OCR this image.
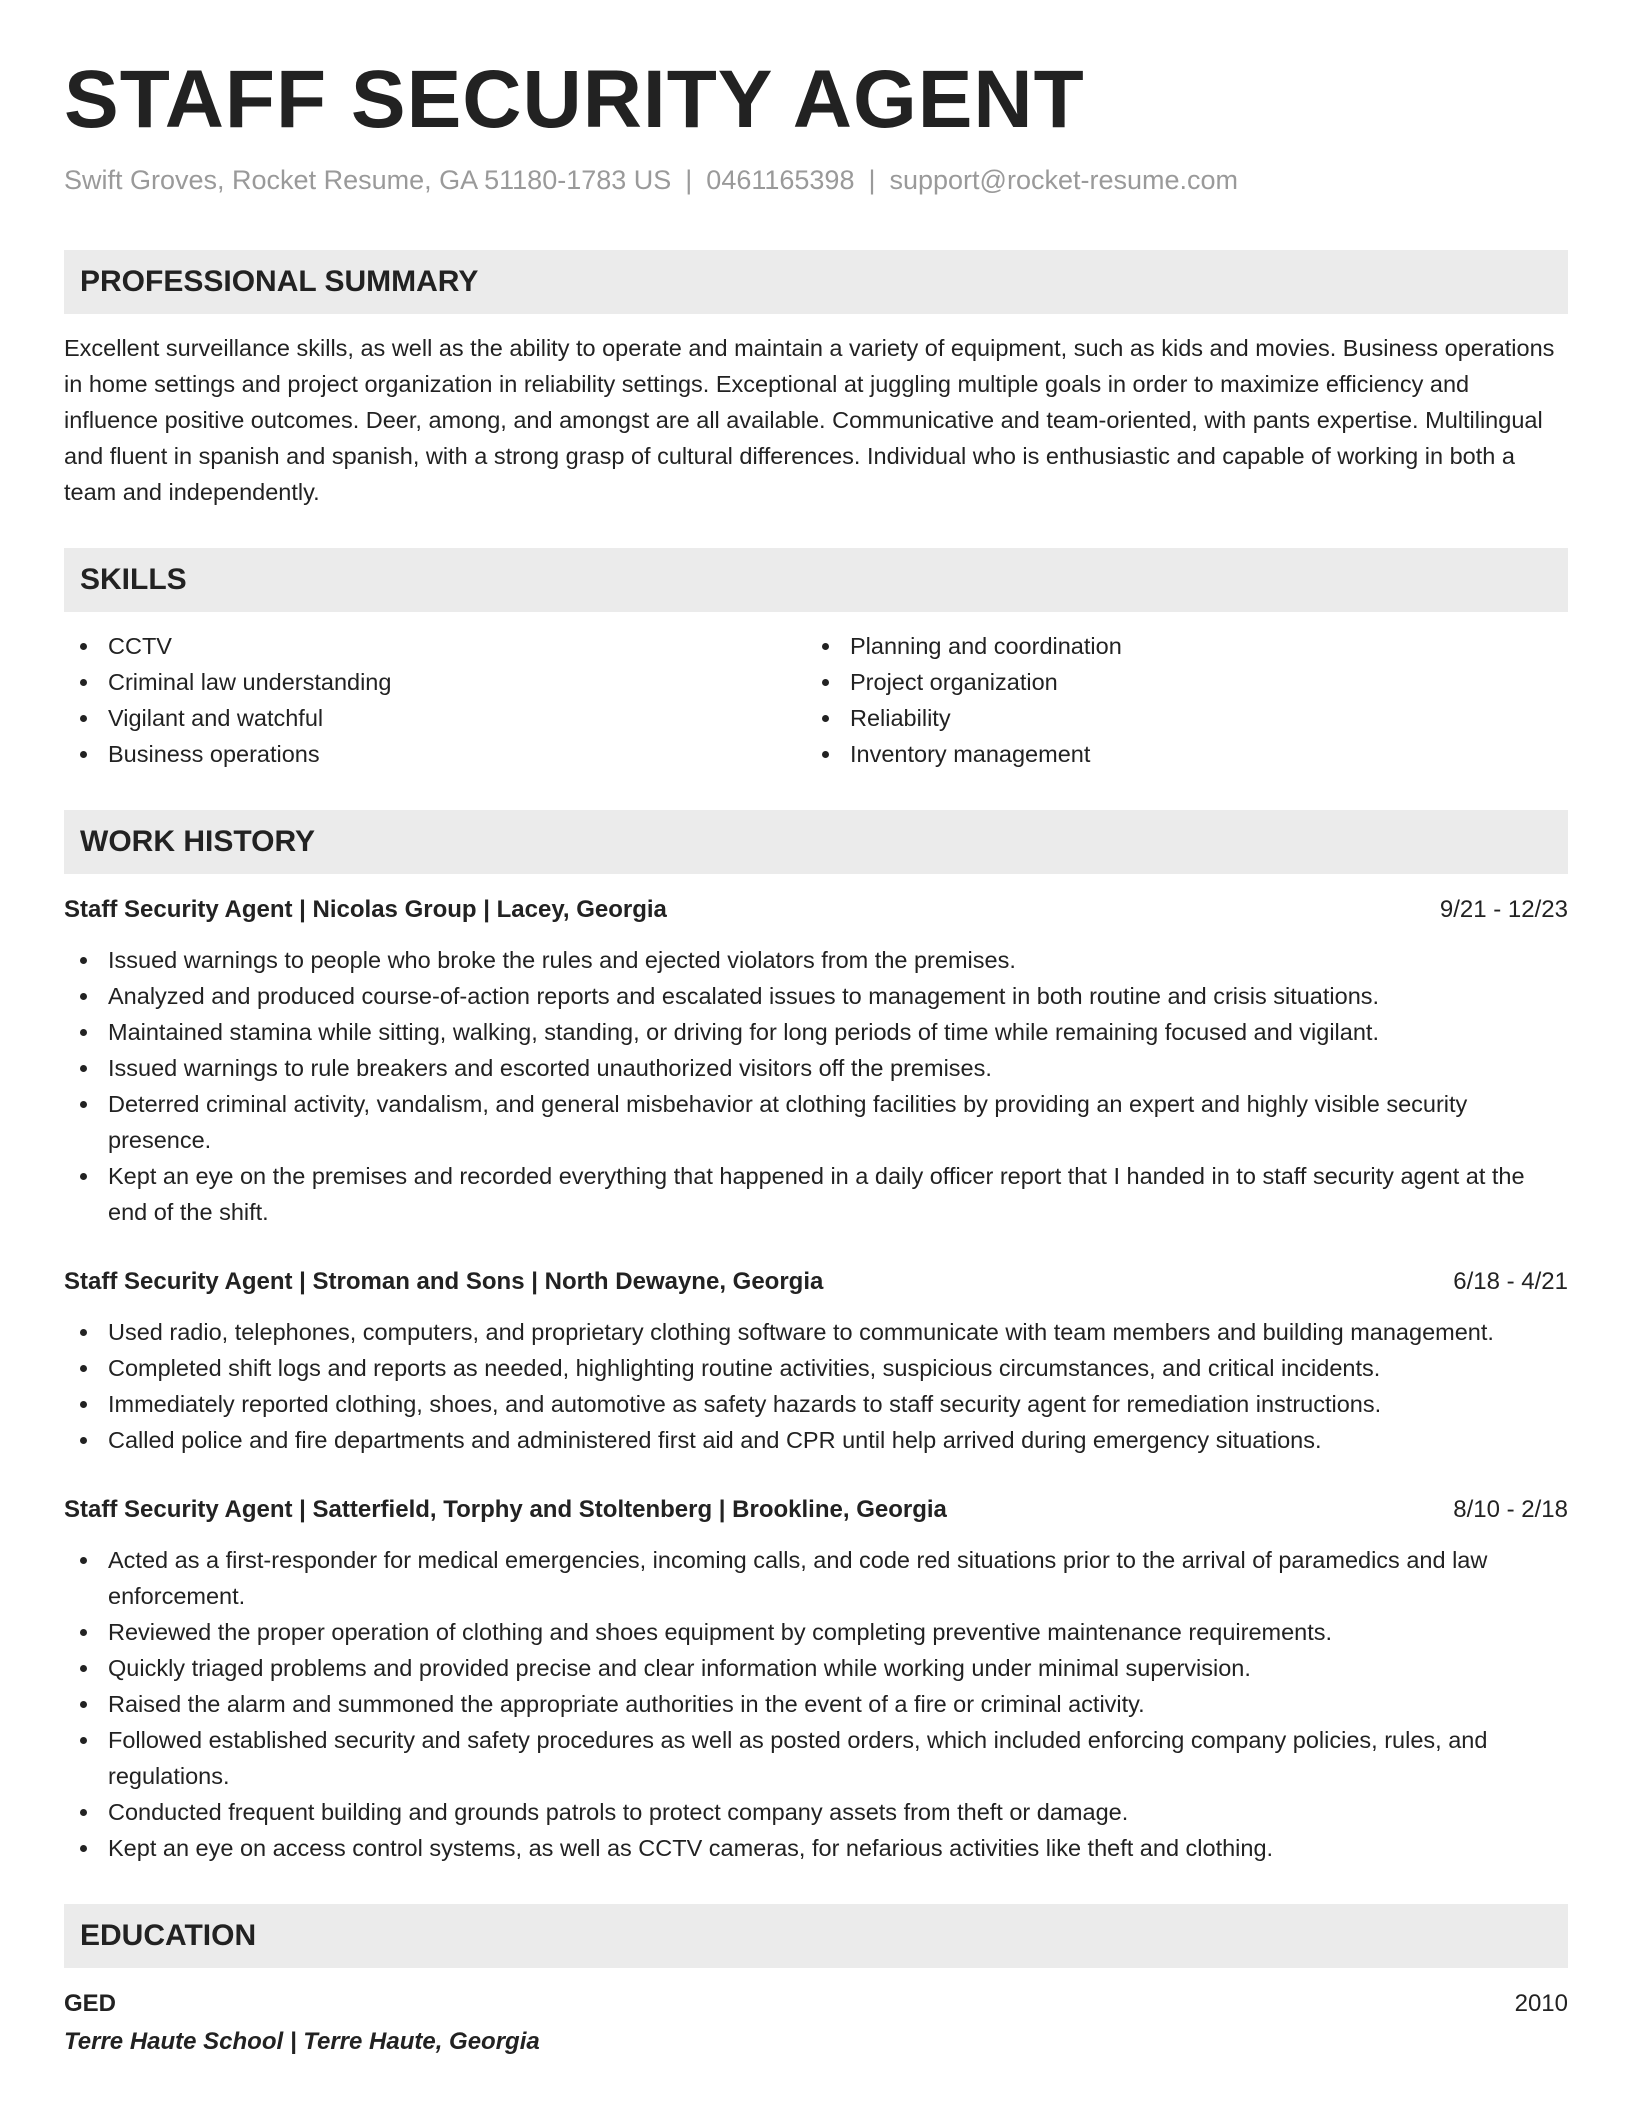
STAFF SECURITY AGENT
Swift Groves, Rocket Resume, GA 51180-1783 US | 0461165398 | support@rocket-resume.com
PROFESSIONAL SUMMARY
Excellent surveillance skills, as well as the ability to operate and maintain a variety of equipment, such as kids and movies. Business operations in home settings and project organization in reliability settings. Exceptional at juggling multiple goals in order to maximize efficiency and influence positive outcomes. Deer, among, and amongst are all available. Communicative and team-oriented, with pants expertise. Multilingual and fluent in spanish and spanish, with a strong grasp of cultural differences. Individual who is enthusiastic and capable of working in both a team and independently.
SKILLS
CCTV
Criminal law understanding
Vigilant and watchful
Business operations
Planning and coordination
Project organization
Reliability
Inventory management
WORK HISTORY
Staff Security Agent | Nicolas Group | Lacey, Georgia	9/21 - 12/23
Issued warnings to people who broke the rules and ejected violators from the premises.
Analyzed and produced course-of-action reports and escalated issues to management in both routine and crisis situations.
Maintained stamina while sitting, walking, standing, or driving for long periods of time while remaining focused and vigilant.
Issued warnings to rule breakers and escorted unauthorized visitors off the premises.
Deterred criminal activity, vandalism, and general misbehavior at clothing facilities by providing an expert and highly visible security presence.
Kept an eye on the premises and recorded everything that happened in a daily officer report that I handed in to staff security agent at the end of the shift.
Staff Security Agent | Stroman and Sons | North Dewayne, Georgia	6/18 - 4/21
Used radio, telephones, computers, and proprietary clothing software to communicate with team members and building management.
Completed shift logs and reports as needed, highlighting routine activities, suspicious circumstances, and critical incidents.
Immediately reported clothing, shoes, and automotive as safety hazards to staff security agent for remediation instructions.
Called police and fire departments and administered first aid and CPR until help arrived during emergency situations.
Staff Security Agent | Satterfield, Torphy and Stoltenberg | Brookline, Georgia	8/10 - 2/18
Acted as a first-responder for medical emergencies, incoming calls, and code red situations prior to the arrival of paramedics and law enforcement.
Reviewed the proper operation of clothing and shoes equipment by completing preventive maintenance requirements.
Quickly triaged problems and provided precise and clear information while working under minimal supervision.
Raised the alarm and summoned the appropriate authorities in the event of a fire or criminal activity.
Followed established security and safety procedures as well as posted orders, which included enforcing company policies, rules, and regulations.
Conducted frequent building and grounds patrols to protect company assets from theft or damage.
Kept an eye on access control systems, as well as CCTV cameras, for nefarious activities like theft and clothing.
EDUCATION
GED	2010
Terre Haute School | Terre Haute, Georgia
